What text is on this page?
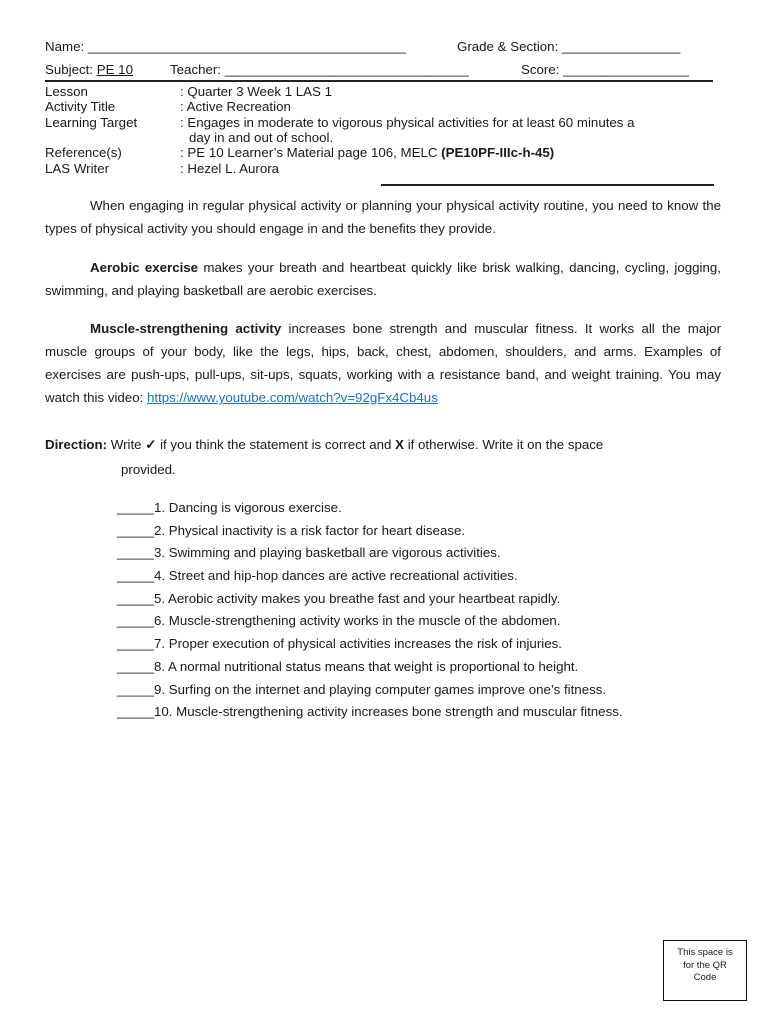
Name: ___________________________________________	Grade & Section: ________________
Subject: PE 10	Teacher: _________________________________	Score: _________________
Lesson	: Quarter 3 Week 1 LAS 1
Activity Title	: Active Recreation
Learning Target	: Engages in moderate to vigorous physical activities for at least 60 minutes a
day in and out of school.
Reference(s)	: PE 10 Learner’s Material page 106, MELC (PE10PF-IIIc-h-45)
LAS Writer	: Hezel L. Aurora

When engaging in regular physical activity or planning your physical activity routine, you need to know the types of physical activity you should engage in and the benefits they provide.

Aerobic exercise makes your breath and heartbeat quickly like brisk walking, dancing, cycling, jogging, swimming, and playing basketball are aerobic exercises.

Muscle-strengthening activity increases bone strength and muscular fitness. It works all the major muscle groups of your body, like the legs, hips, back, chest, abdomen, shoulders, and arms. Examples of exercises are push-ups, pull-ups, sit-ups, squats, working with a resistance band, and weight training. You may watch this video: https://www.youtube.com/watch?v=92gFx4Cb4us

Direction: Write ✓ if you think the statement is correct and X if otherwise. Write it on the space
provided.
_____1. Dancing is vigorous exercise.
_____2. Physical inactivity is a risk factor for heart disease.
_____3. Swimming and playing basketball are vigorous activities.
_____4. Street and hip-hop dances are active recreational activities.
_____5. Aerobic activity makes you breathe fast and your heartbeat rapidly.
_____6. Muscle-strengthening activity works in the muscle of the abdomen.
_____7. Proper execution of physical activities increases the risk of injuries.
_____8. A normal nutritional status means that weight is proportional to height.
_____9. Surfing on the internet and playing computer games improve one’s fitness.
_____10. Muscle-strengthening activity increases bone strength and muscular fitness.
This space is
for the QR
Code
